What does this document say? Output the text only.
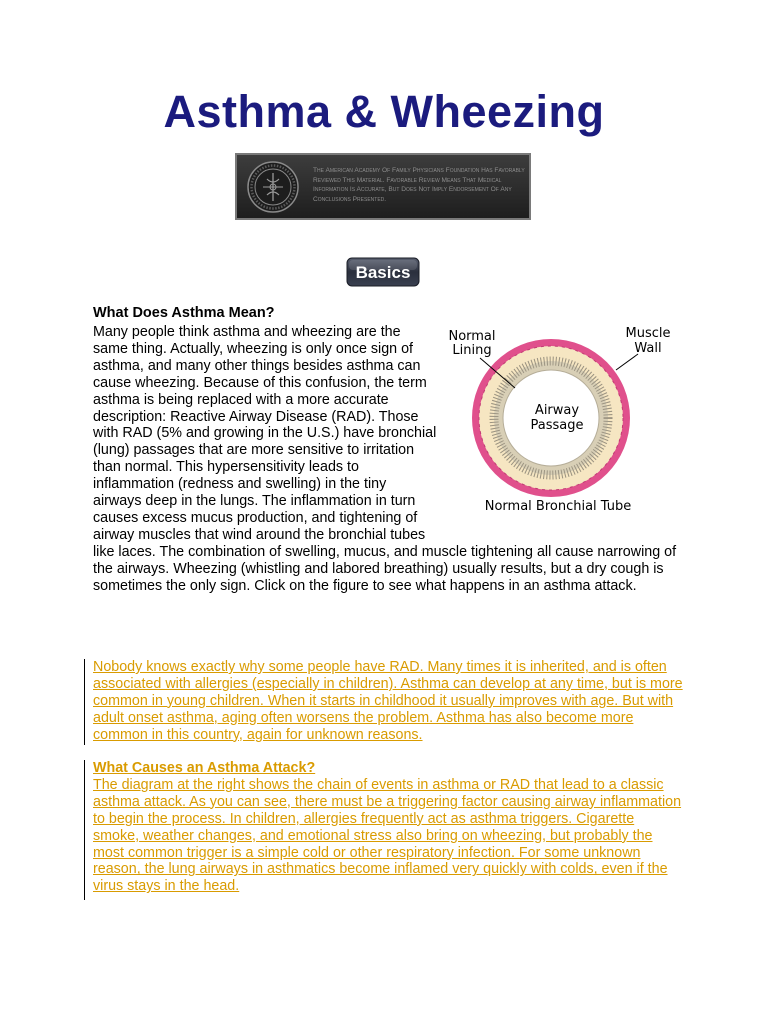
Asthma & Wheezing
The American Academy Of Family Physicians Foundation Has Favorably Reviewed This Material. Favorable Review Means That Medical Information Is Accurate, But Does Not Imply Endorsement Of Any Conclusions Presented.
Basics
What Does Asthma Mean?

Many people think asthma and wheezing are the same thing. Actually, wheezing is only once sign of asthma, and many other things besides asthma can cause wheezing. Because of this confusion, the term asthma is being replaced with a more accurate description: Reactive Airway Disease (RAD). Those with RAD (5% and growing in the U.S.) have bronchial (lung) passages that are more sensitive to irritation than normal. This hypersensitivity leads to inflammation (redness and swelling) in the tiny airways deep in the lungs. The inflammation in turn causes excess mucus production, and tightening of airway muscles that wind around the bronchial tubes like laces. The combination of swelling, mucus, and muscle tightening all cause narrowing of the airways. Wheezing (whistling and labored breathing) usually results, but a dry cough is sometimes the only sign. Click on the figure to see what happens in an asthma attack.

Normal
Lining
Muscle
Wall
Airway
Passage
Normal Bronchial Tube
Nobody knows exactly why some people have RAD. Many times it is inherited, and is often associated with allergies (especially in children). Asthma can develop at any time, but is more common in young children. When it starts in childhood it usually improves with age. But with adult onset asthma, aging often worsens the problem. Asthma has also become more common in this country, again for unknown reasons.
What Causes an Asthma Attack?
The diagram at the right shows the chain of events in asthma or RAD that lead to a classic asthma attack. As you can see, there must be a triggering factor causing airway inflammation to begin the process. In children, allergies frequently act as asthma triggers. Cigarette smoke, weather changes, and emotional stress also bring on wheezing, but probably the most common trigger is a simple cold or other respiratory infection. For some unknown reason, the lung airways in asthmatics become inflamed very quickly with colds, even if the virus stays in the head.
